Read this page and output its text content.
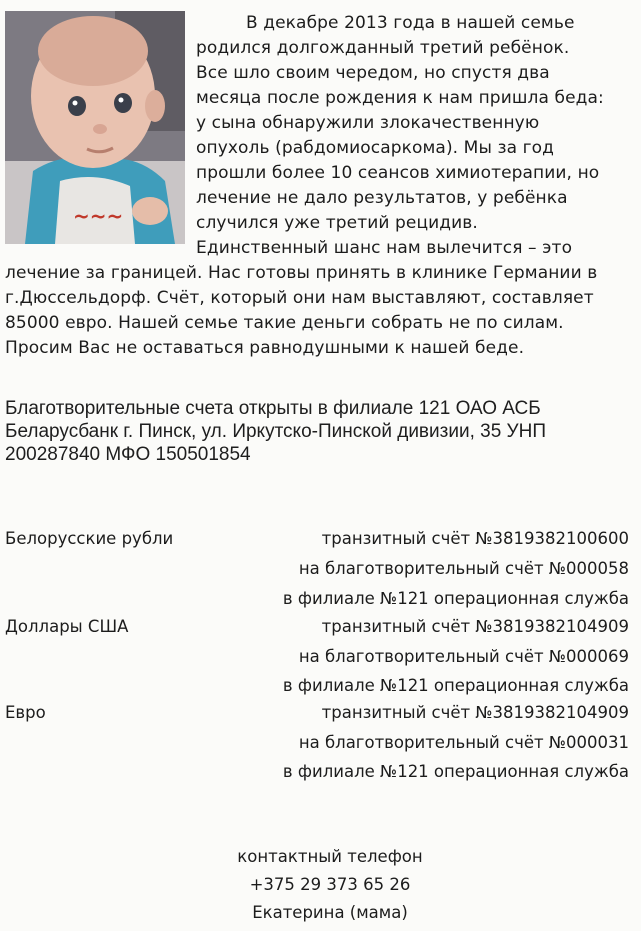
~~~

В декабре 2013 года в нашей семье родился долгожданный третий ребёнок. Все шло своим чередом, но спустя два месяца после рождения к нам пришла беда: у сына обнаружили злокачественную опухоль (рабдомиосаркома). Мы за год прошли более 10 сеансов химиотерапии, но лечение не дало результатов, у ребёнка случился уже третий рецидив. Единственный шанс нам вылечится – это лечение за границей. Нас готовы принять в клинике Германии в г.Дюссельдорф. Счёт, который они нам выставляют, составляет 85000 евро. Нашей семье такие деньги собрать не по силам. Просим Вас не оставаться равнодушными к нашей беде.

Благотворительные счета открыты в филиале 121 ОАО АСБ Беларусбанк г. Пинск, ул. Иркутско-Пинской дивизии, 35 УНП 200287840 МФО 150501854
Белорусские рубли	транзитный счёт №3819382100600
на благотворительный счёт №000058
в филиале №121 операционная служба
Доллары США	транзитный счёт №3819382104909
на благотворительный счёт №000069
в филиале №121 операционная служба
Евро	транзитный счёт №3819382104909
на благотворительный счёт №000031
в филиале №121 операционная служба
контактный телефон
+375 29 373 65 26
Екатерина (мама)
